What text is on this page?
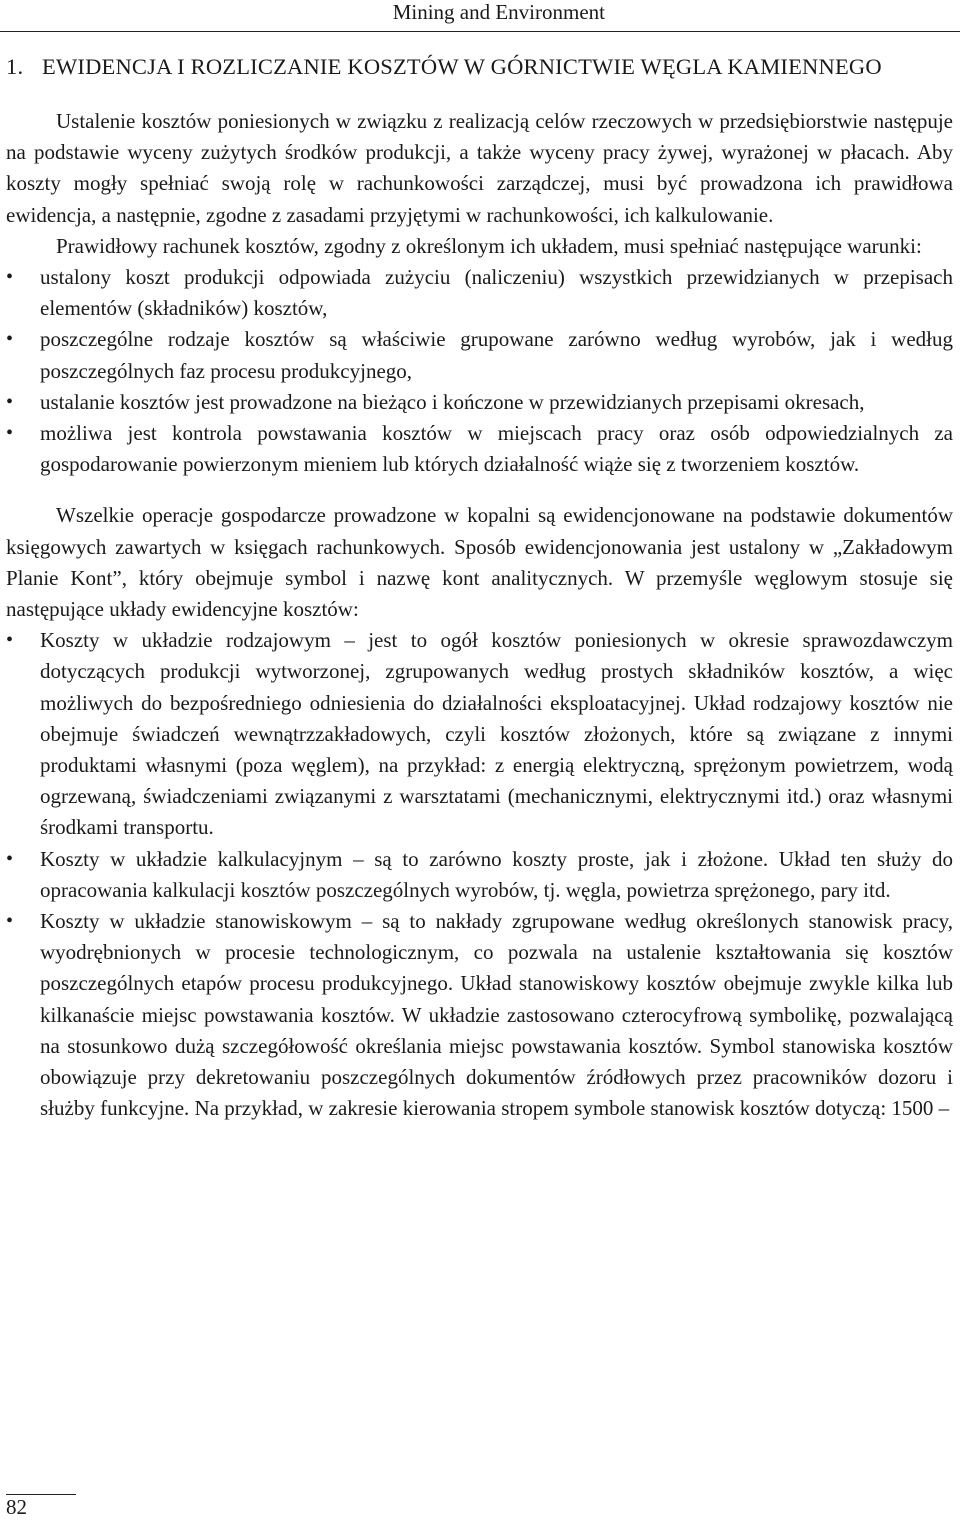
Mining and Environment
1. EWIDENCJA I ROZLICZANIE KOSZTÓW W GÓRNICTWIE WĘGLA KAMIENNEGO

Ustalenie kosztów poniesionych w związku z realizacją celów rzeczowych w przedsiębiorstwie następuje na podstawie wyceny zużytych środków produkcji, a także wyceny pracy żywej, wyrażonej w płacach. Aby koszty mogły spełniać swoją rolę w rachunkowości zarządczej, musi być prowadzona ich prawidłowa ewidencja, a następnie, zgodne z zasadami przyjętymi w rachunkowości, ich kalkulowanie.

Prawidłowy rachunek kosztów, zgodny z określonym ich układem, musi spełniać następujące warunki:

•	ustalony koszt produkcji odpowiada zużyciu (naliczeniu) wszystkich przewidzianych w przepisach elementów (składników) kosztów,
•	poszczególne rodzaje kosztów są właściwie grupowane zarówno według wyrobów, jak i według poszczególnych faz procesu produkcyjnego,
•	ustalanie kosztów jest prowadzone na bieżąco i kończone w przewidzianych przepisami okresach,
•	możliwa jest kontrola powstawania kosztów w miejscach pracy oraz osób odpowiedzialnych za gospodarowanie powierzonym mieniem lub których działalność wiąże się z tworzeniem kosztów.

Wszelkie operacje gospodarcze prowadzone w kopalni są ewidencjonowane na podstawie dokumentów księgowych zawartych w księgach rachunkowych. Sposób ewidencjonowania jest ustalony w „Zakładowym Planie Kont”, który obejmuje symbol i nazwę kont analitycznych. W przemyśle węglowym stosuje się następujące układy ewidencyjne kosztów:

•	Koszty w układzie rodzajowym – jest to ogół kosztów poniesionych w okresie sprawozdawczym dotyczących produkcji wytworzonej, zgrupowanych według prostych składników kosztów, a więc możliwych do bezpośredniego odniesienia do działalności eksploatacyjnej. Układ rodzajowy kosztów nie obejmuje świadczeń wewnątrzzakładowych, czyli kosztów złożonych, które są związane z innymi produktami własnymi (poza węglem), na przykład: z energią elektryczną, sprężonym powietrzem, wodą ogrzewaną, świadczeniami związanymi z warsztatami (mechanicznymi, elektrycznymi itd.) oraz własnymi środkami transportu.
•	Koszty w układzie kalkulacyjnym – są to zarówno koszty proste, jak i złożone. Układ ten służy do opracowania kalkulacji kosztów poszczególnych wyrobów, tj. węgla, powietrza sprężonego, pary itd.
•	Koszty w układzie stanowiskowym – są to nakłady zgrupowane według określonych stanowisk pracy, wyodrębnionych w procesie technologicznym, co pozwala na ustalenie kształtowania się kosztów poszczególnych etapów procesu produkcyjnego. Układ stanowiskowy kosztów obejmuje zwykle kilka lub kilkanaście miejsc powstawania kosztów. W układzie zastosowano czterocyfrową symbolikę, pozwalającą na stosunkowo dużą szczegółowość określania miejsc powstawania kosztów. Symbol stanowiska kosztów obowiązuje przy dekretowaniu poszczególnych dokumentów źródłowych przez pracowników dozoru i służby funkcyjne. Na przykład, w zakresie kierowania stropem symbole stanowisk kosztów dotyczą: 1500 –
82
